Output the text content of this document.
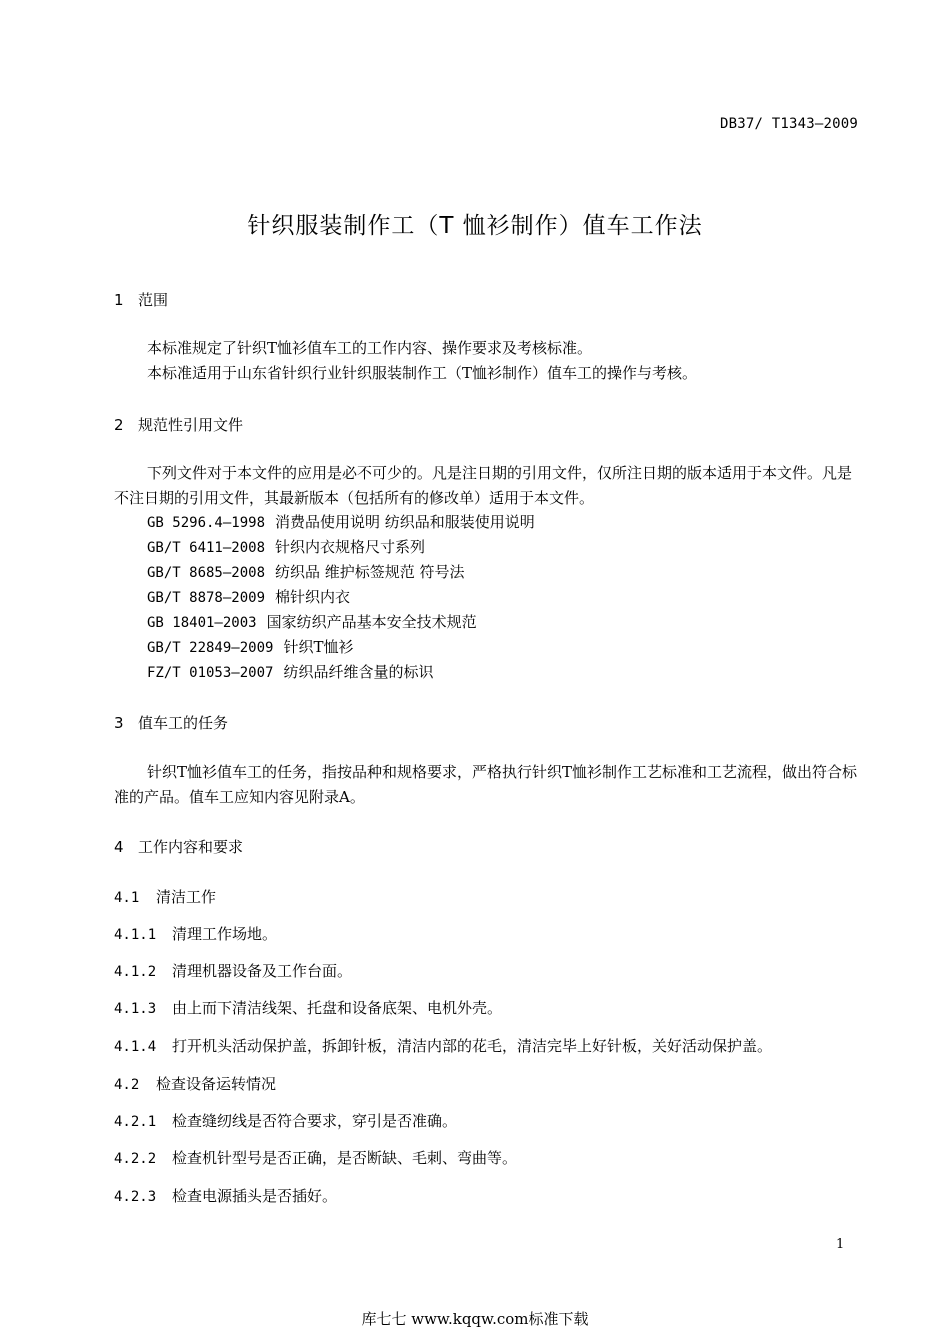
DB37/ T1343—2009
针织服装制作工（T 恤衫制作）值车工作法
1 范围
本标准规定了针织T恤衫值车工的工作内容、操作要求及考核标准。
本标准适用于山东省针织行业针织服装制作工（T恤衫制作）值车工的操作与考核。
2 规范性引用文件
下列文件对于本文件的应用是必不可少的。凡是注日期的引用文件，仅所注日期的版本适用于本文件。凡是不注日期的引用文件，其最新版本（包括所有的修改单）适用于本文件。
GB 5296.4—1998 消费品使用说明 纺织品和服装使用说明
GB/T 6411—2008 针织内衣规格尺寸系列
GB/T 8685—2008 纺织品 维护标签规范 符号法
GB/T 8878—2009 棉针织内衣
GB 18401—2003 国家纺织产品基本安全技术规范
GB/T 22849—2009 针织T恤衫
FZ/T 01053—2007 纺织品纤维含量的标识
3 值车工的任务
针织T恤衫值车工的任务，指按品种和规格要求，严格执行针织T恤衫制作工艺标准和工艺流程，做出符合标准的产品。值车工应知内容见附录A。
4 工作内容和要求
4.1 清洁工作
4.1.1 清理工作场地。
4.1.2 清理机器设备及工作台面。
4.1.3 由上而下清洁线架、托盘和设备底架、电机外壳。
4.1.4 打开机头活动保护盖，拆卸针板，清洁内部的花毛，清洁完毕上好针板，关好活动保护盖。
4.2 检查设备运转情况
4.2.1 检查缝纫线是否符合要求，穿引是否准确。
4.2.2 检查机针型号是否正确，是否断缺、毛刺、弯曲等。
4.2.3 检查电源插头是否插好。
1
库七七 www.kqqw.com标准下载
